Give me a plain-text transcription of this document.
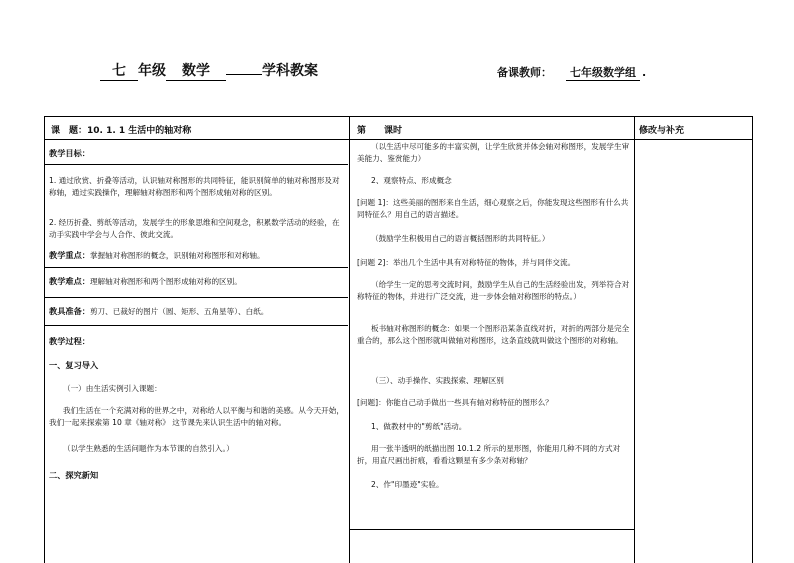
七 年级 数学	学科教案	备课教师： 七年级数学组 .
课　题：10. 1. 1 生活中的轴对称	第　　课时	修改与补充
教学目标：
1. 通过欣赏、折叠等活动，认识轴对称图形的共同特征，能识别简单的轴对称图形及对称轴，通过实践操作，理解轴对称图形和两个图形成轴对称的区别。
2. 经历折叠、剪纸等活动，发展学生的形象思维和空间观念，积累数学活动的经验，在动手实践中学会与人合作、彼此交流。
教学重点：掌握轴对称图形的概念，识别轴对称图形和对称轴。
教学难点：理解轴对称图形和两个图形成轴对称的区别。
教具准备：剪刀、已裁好的图片（圆、矩形、五角星等）、白纸。
教学过程：
一、复习导入
（一）由生活实例引入课题：
我们生活在一个充满对称的世界之中，对称给人以平衡与和谐的美感。从今天开始，我们一起来探索第 10 章《轴对称》 这节课先来认识生活中的轴对称。
（以学生熟悉的生活问题作为本节课的自然引入。）
二、探究新知
（以生活中尽可能多的丰富实例，让学生欣赏并体会轴对称图形，发展学生审美能力、鉴赏能力）
2、观察特点、形成概念
[问题 1]：这些美丽的图形来自生活，细心观察之后，你能发现这些图形有什么共同特征么？用自己的语言描述。
（鼓励学生积极用自己的语言概括图形的共同特征。）
[问题 2]：举出几个生活中具有对称特征的物体，并与同伴交流。
（给学生一定的思考交流时间，鼓励学生从自己的生活经验出发，列举符合对称特征的物体，并进行广泛交流，进一步体会轴对称图形的特点。）
板书轴对称图形的概念：如果一个图形沿某条直线对折，对折的两部分是完全重合的，那么这个图形就叫做轴对称图形，这条直线就叫做这个图形的对称轴。
（三）、动手操作、实践探索、理解区别
[问题]：你能自己动手做出一些具有轴对称特征的图形么？
1、做教材中的"剪纸"活动。
用一张半透明的纸描出图 10.1.2 所示的星形图，你能用几种不同的方式对折，用直尺画出折痕，看看这颗星有多少条对称轴？
2、作"印墨迹"实验。
